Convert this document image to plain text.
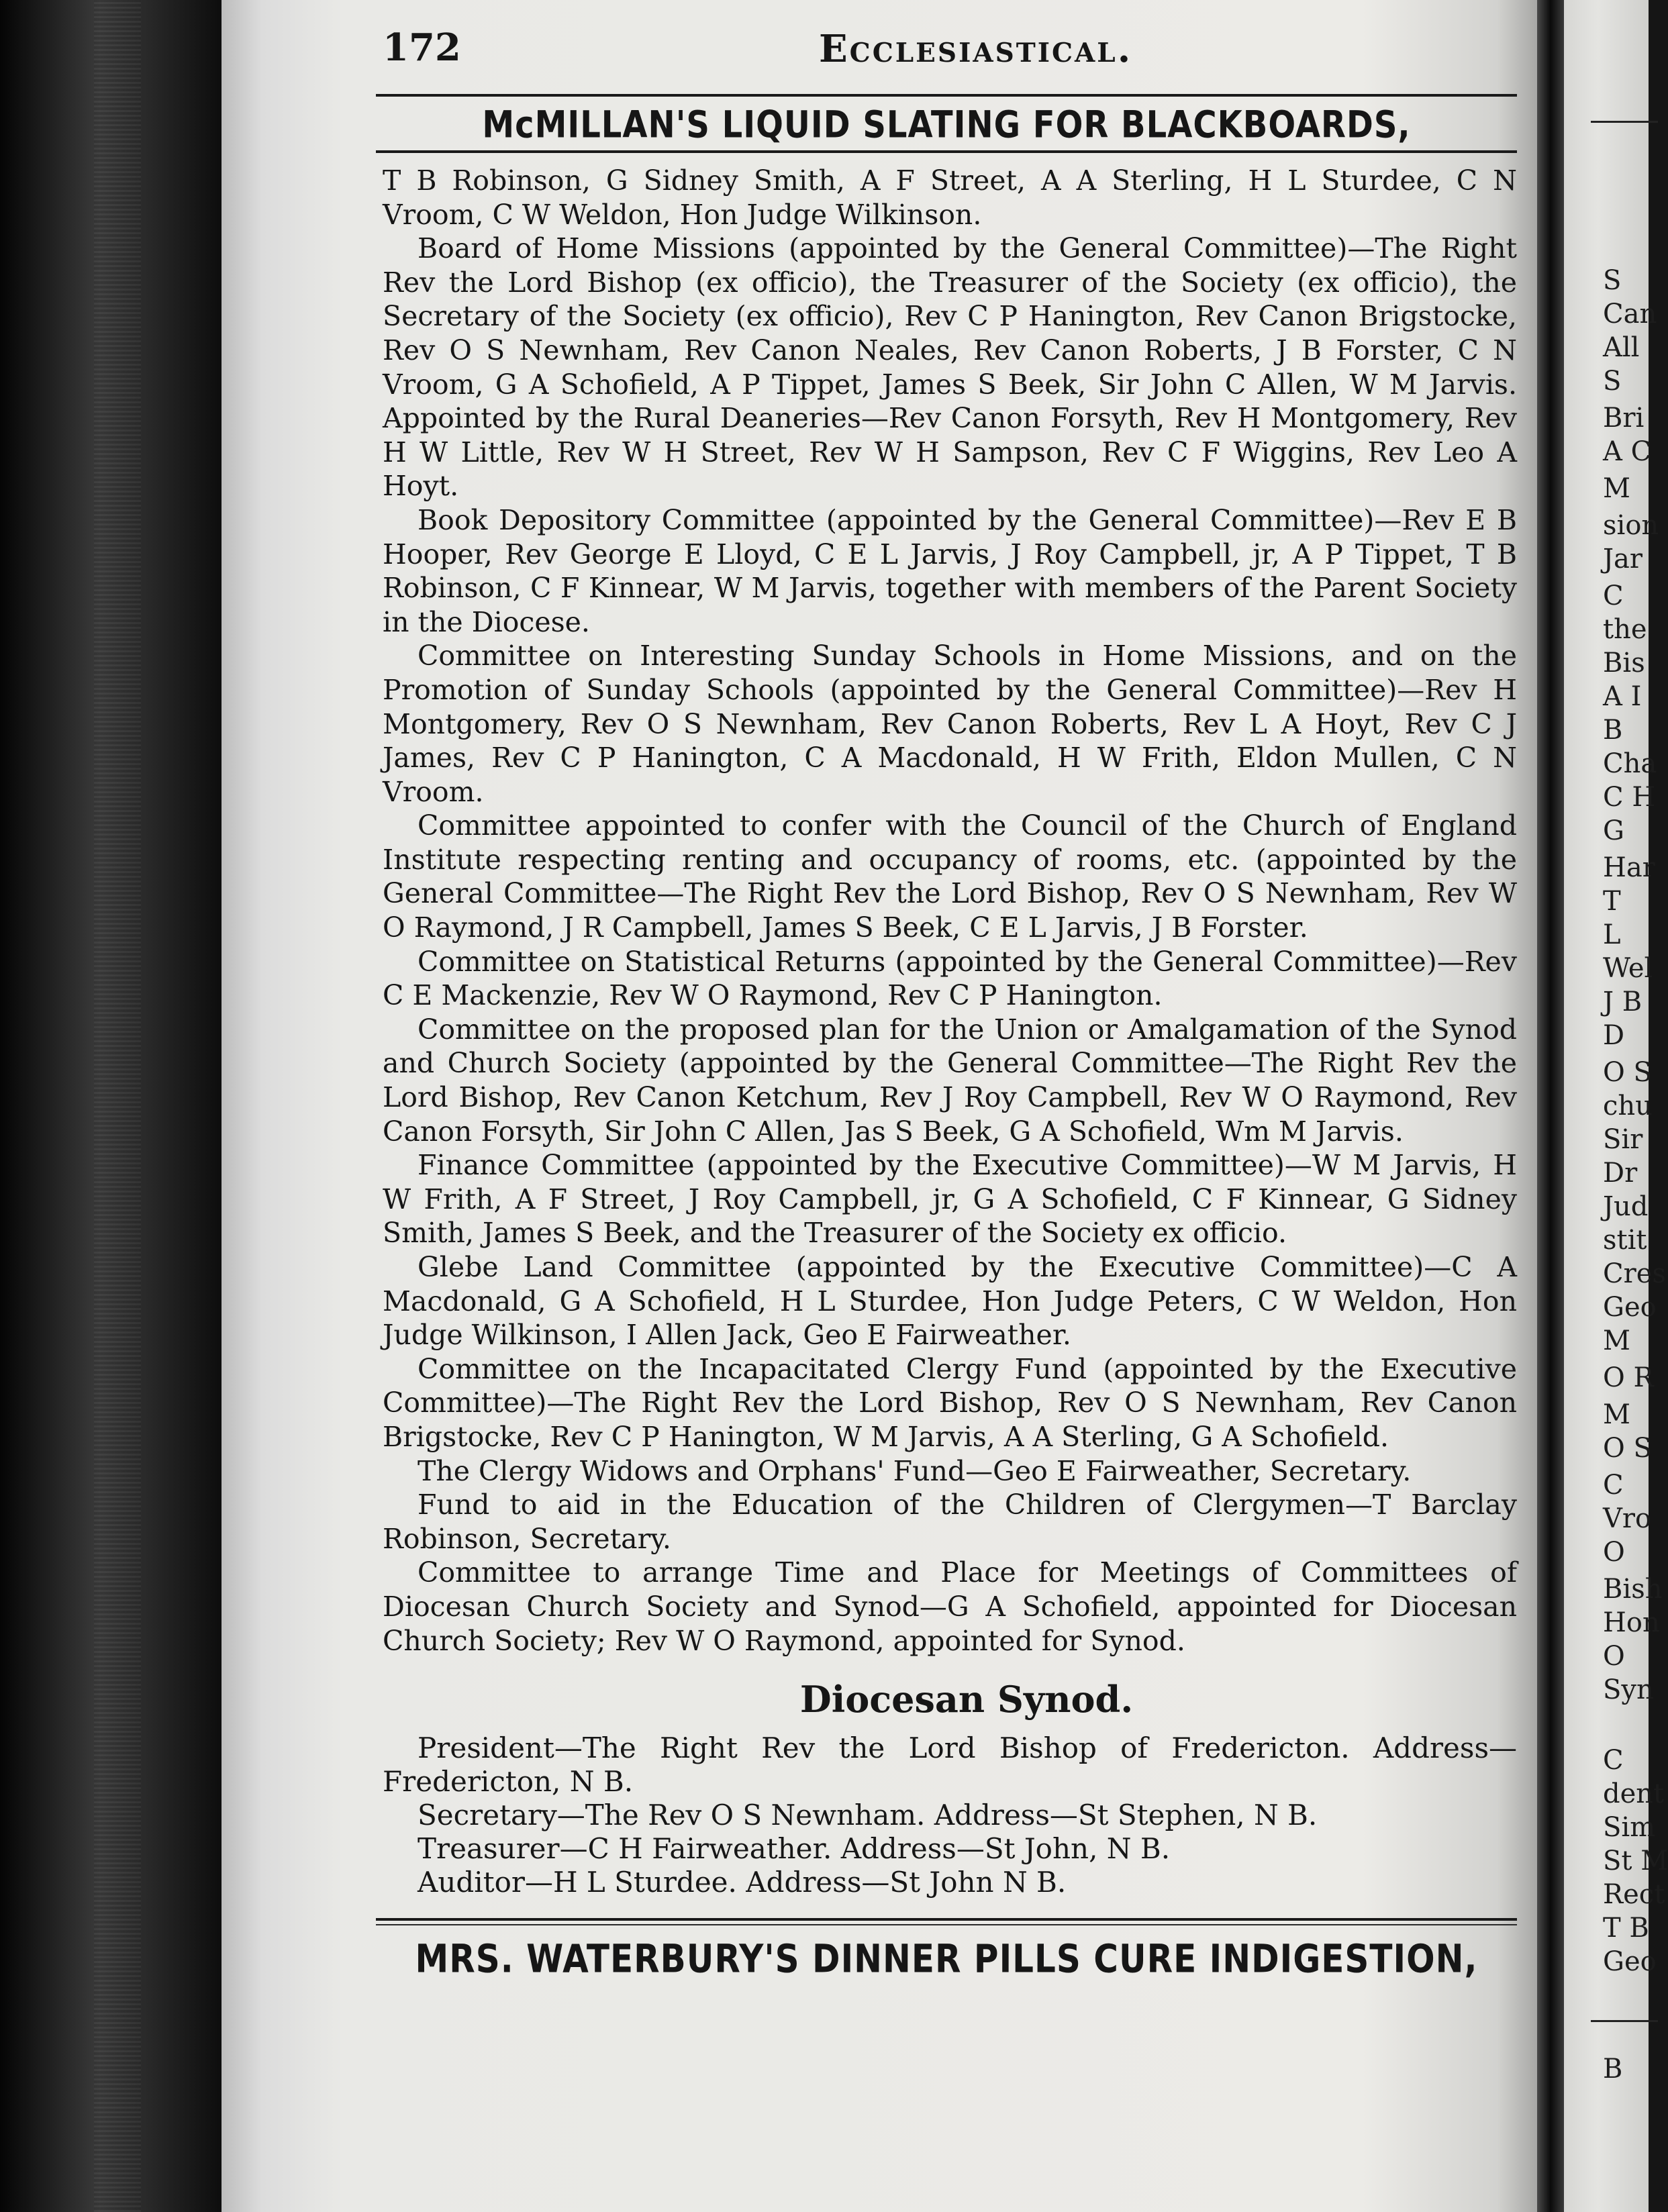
S
Can
All
S
Bri
A C
M
sion
Jar
C
the
Bis
A I
B
Cha
C H
G
Har
T
L
Wel
J B
D
O S
chu
Sir
Dr
Jud
stit
Cres
Geo
M
O R
M
O S
C
Vro
O
Bish
Hon
O
Syn
C
dent
Sim
St M
Rect
T B
Geo
B
172	Ecclesiastical.
McMILLAN'S LIQUID SLATING FOR BLACKBOARDS,

T B Robinson, G Sidney Smith, A F Street, A A Sterling, H L Sturdee, C N Vroom, C W Weldon, Hon Judge Wilkinson.

Board of Home Missions (appointed by the General Committee)—The Right Rev the Lord Bishop (ex officio), the Treasurer of the Society (ex officio), the Secretary of the Society (ex officio), Rev C P Hanington, Rev Canon Brigstocke, Rev O S Newnham, Rev Canon Neales, Rev Canon Roberts, J B Forster, C N Vroom, G A Schofield, A P Tippet, James S Beek, Sir John C Allen, W M Jarvis. Appointed by the Rural Deaneries—Rev Canon Forsyth, Rev H Montgomery, Rev H W Little, Rev W H Street, Rev W H Sampson, Rev C F Wiggins, Rev Leo A Hoyt.

Book Depository Committee (appointed by the General Committee)—Rev E B Hooper, Rev George E Lloyd, C E L Jarvis, J Roy Campbell, jr, A P Tippet, T B Robinson, C F Kinnear, W M Jarvis, together with members of the Parent Society in the Diocese.

Committee on Interesting Sunday Schools in Home Missions, and on the Promotion of Sunday Schools (appointed by the General Committee)—Rev H Montgomery, Rev O S Newnham, Rev Canon Roberts, Rev L A Hoyt, Rev C J James, Rev C P Hanington, C A Macdonald, H W Frith, Eldon Mullen, C N Vroom.

Committee appointed to confer with the Council of the Church of England Institute respecting renting and occupancy of rooms, etc. (appointed by the General Committee—The Right Rev the Lord Bishop, Rev O S Newnham, Rev W O Raymond, J R Campbell, James S Beek, C E L Jarvis, J B Forster.

Committee on Statistical Returns (appointed by the General Committee)—Rev C E Mackenzie, Rev W O Raymond, Rev C P Hanington.

Committee on the proposed plan for the Union or Amalgamation of the Synod and Church Society (appointed by the General Committee—The Right Rev the Lord Bishop, Rev Canon Ketchum, Rev J Roy Campbell, Rev W O Raymond, Rev Canon Forsyth, Sir John C Allen, Jas S Beek, G A Schofield, Wm M Jarvis.

Finance Committee (appointed by the Executive Committee)—W M Jarvis, H W Frith, A F Street, J Roy Campbell, jr, G A Schofield, C F Kinnear, G Sidney Smith, James S Beek, and the Treasurer of the Society ex officio.

Glebe Land Committee (appointed by the Executive Committee)—C A Macdonald, G A Schofield, H L Sturdee, Hon Judge Peters, C W Weldon, Hon Judge Wilkinson, I Allen Jack, Geo E Fairweather.

Committee on the Incapacitated Clergy Fund (appointed by the Executive Committee)—The Right Rev the Lord Bishop, Rev O S Newnham, Rev Canon Brigstocke, Rev C P Hanington, W M Jarvis, A A Sterling, G A Schofield.

The Clergy Widows and Orphans' Fund—Geo E Fairweather, Secretary.

Fund to aid in the Education of the Children of Clergymen—T Barclay Robinson, Secretary.

Committee to arrange Time and Place for Meetings of Committees of Diocesan Church Society and Synod—G A Schofield, appointed for Diocesan Church Society; Rev W O Raymond, appointed for Synod.

Diocesan Synod.

President—The Right Rev the Lord Bishop of Fredericton. Address—Fredericton, N B.

Secretary—The Rev O S Newnham. Address—St Stephen, N B.

Treasurer—C H Fairweather. Address—St John, N B.

Auditor—H L Sturdee. Address—St John N B.

MRS. WATERBURY'S DINNER PILLS CURE INDIGESTION,
